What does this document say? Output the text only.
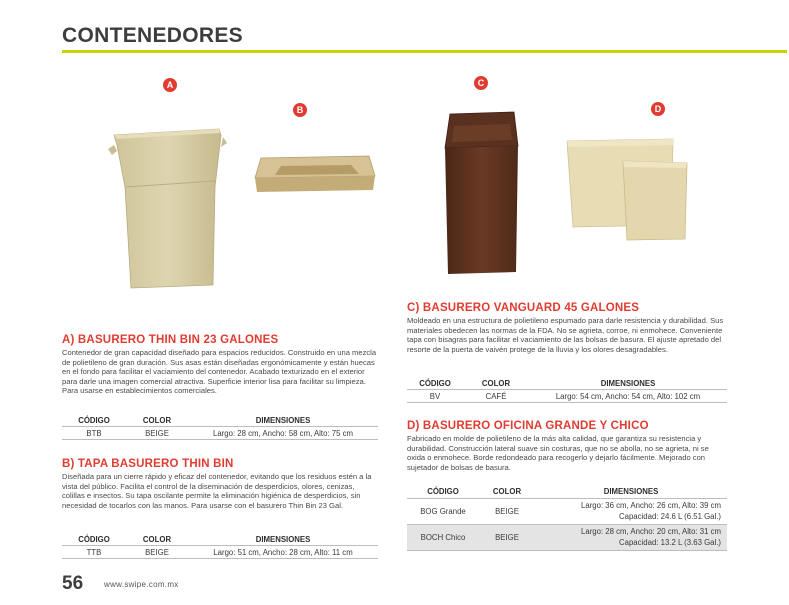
CONTENEDORES
A
B
C
D
A) BASURERO THIN BIN 23 GALONES

Contenedor de gran capacidad diseñado para espacios reducidos. Construido en una mezcla de polietileno de gran duración. Sus asas están diseñadas ergonómicamente y están huecas en el fondo para facilitar el vaciamiento del contenedor. Acabado texturizado en el exterior para darle una imagen comercial atractiva. Superficie interior lisa para facilitar su limpieza. Para usarse en establecimientos comerciales.

CÓDIGO	COLOR	DIMENSIONES
BTB	BEIGE	Largo: 28 cm, Ancho: 58 cm, Alto: 75 cm
B) TAPA BASURERO THIN BIN

Diseñada para un cierre rápido y eficaz del contenedor, evitando que los residuos estén a la vista del público. Facilita el control de la diseminación de desperdicios, olores, cenizas, colillas e insectos. Su tapa oscilante permite la eliminación higiénica de desperdicios, sin necesidad de tocarlos con las manos. Para usarse con el basurero Thin Bin 23 Gal.

CÓDIGO	COLOR	DIMENSIONES
TTB	BEIGE	Largo: 51 cm, Ancho: 28 cm, Alto: 11 cm
C) BASURERO VANGUARD 45 GALONES

Moldeado en una estructura de polietileno espumado para darle resistencia y durabilidad. Sus materiales obedecen las normas de la FDA. No se agrieta, corroe, ni enmohece. Conveniente tapa con bisagras para facilitar el vaciamiento de las bolsas de basura. El ajuste apretado del resorte de la puerta de vaivén protege de la lluvia y los olores desagradables.

CÓDIGO	COLOR	DIMENSIONES
BV	CAFÉ	Largo: 54 cm, Ancho: 54 cm, Alto: 102 cm
D) BASURERO OFICINA GRANDE Y CHICO

Fabricado en molde de polietileno de la más alta calidad, que garantiza su resistencia y durabilidad. Construcción lateral suave sin costuras, que no se abolla, no se agrieta, ni se oxida o enmohece. Borde redondeado para recogerlo y dejarlo fácilmente. Mejorado con sujetador de bolsas de basura.

CÓDIGO	COLOR	DIMENSIONES
BOG Grande	BEIGE
Largo: 36 cm, Ancho: 26 cm, Alto: 39 cm
Capacidad: 24.6 L (6.51 Gal.)
BOCH Chico	BEIGE
Largo: 28 cm, Ancho: 20 cm, Alto: 31 cm
Capacidad: 13.2 L (3.63 Gal.)
56	www.swipe.com.mx
